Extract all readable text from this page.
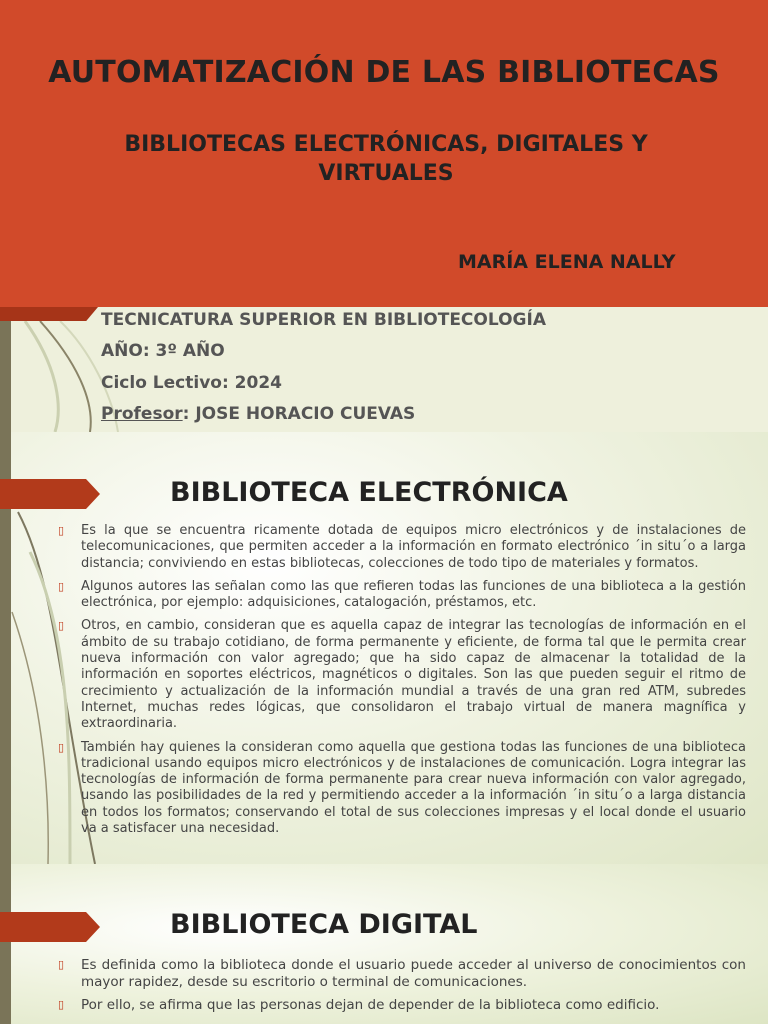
AUTOMATIZACIÓN DE LAS BIBLIOTECAS
BIBLIOTECAS ELECTRÓNICAS, DIGITALES Y VIRTUALES
MARÍA ELENA NALLY
TECNICATURA SUPERIOR EN BIBLIOTECOLOGÍA
AÑO: 3º AÑO
Ciclo Lectivo: 2024
Profesor: JOSE HORACIO CUEVAS
BIBLIOTECA ELECTRÓNICA
▯ Es la que se encuentra ricamente dotada de equipos micro electrónicos y de instalaciones de telecomunicaciones, que permiten acceder a la información en formato electrónico ´in situ´o a larga distancia; conviviendo en estas bibliotecas, colecciones de todo tipo de materiales y formatos.
▯ Algunos autores las señalan como las que refieren todas las funciones de una biblioteca a la gestión electrónica, por ejemplo: adquisiciones, catalogación, préstamos, etc.
▯ Otros, en cambio, consideran que es aquella capaz de integrar las tecnologías de información en el ámbito de su trabajo cotidiano, de forma permanente y eficiente, de forma tal que le permita crear nueva información con valor agregado; que ha sido capaz de almacenar la totalidad de la información en soportes eléctricos, magnéticos o digitales. Son las que pueden seguir el ritmo de crecimiento y actualización de la información mundial a través de una gran red ATM, subredes Internet, muchas redes lógicas, que consolidaron el trabajo virtual de manera magnífica y extraordinaria.
▯ También hay quienes la consideran como aquella que gestiona todas las funciones de una biblioteca tradicional usando equipos micro electrónicos y de instalaciones de comunicación. Logra integrar las tecnologías de información de forma permanente para crear nueva información con valor agregado, usando las posibilidades de la red y permitiendo acceder a la información ´in situ´o a larga distancia en todos los formatos; conservando el total de sus colecciones impresas y el local donde el usuario va a satisfacer una necesidad.
BIBLIOTECA DIGITAL
▯ Es definida como la biblioteca donde el usuario puede acceder al universo de conocimientos con mayor rapidez, desde su escritorio o terminal de comunicaciones.
▯ Por ello, se afirma que las personas dejan de depender de la biblioteca como edificio.
